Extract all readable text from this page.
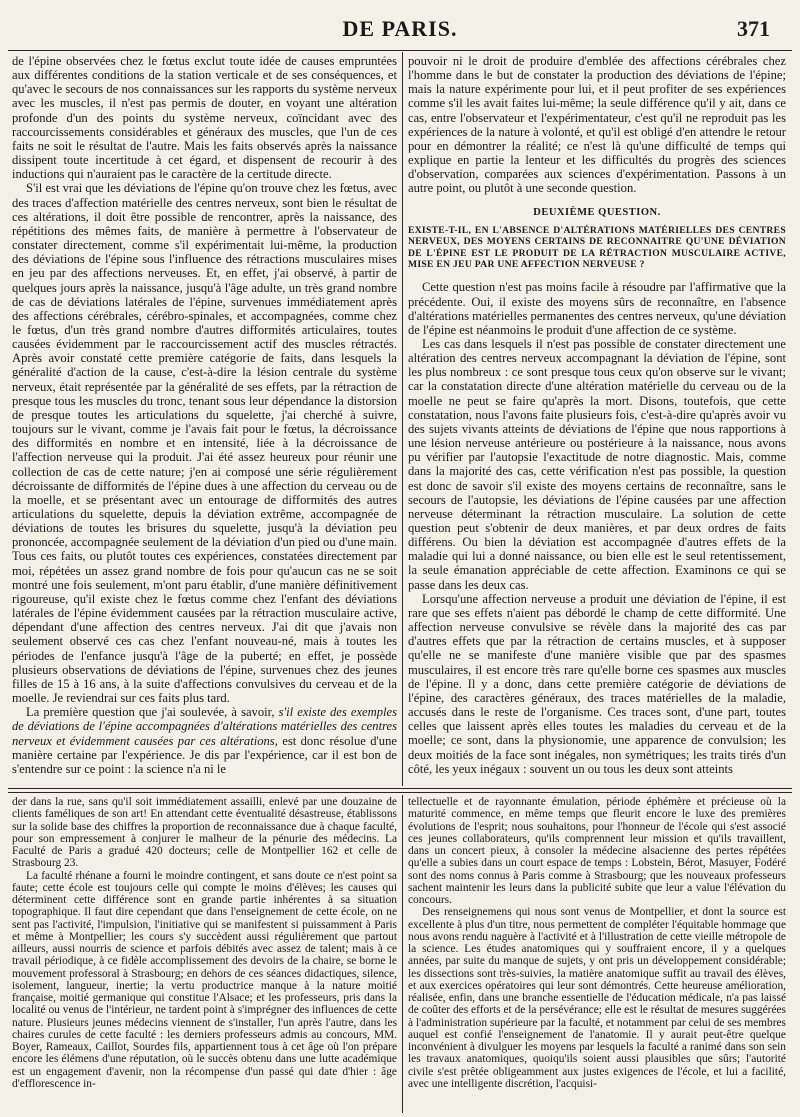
DE PARIS.	371

de l'épine observées chez le fœtus exclut toute idée de causes empruntées aux différentes conditions de la station verticale et de ses conséquences, et qu'avec le secours de nos connaissances sur les rapports du système nerveux avec les muscles, il n'est pas permis de douter, en voyant une altération profonde d'un des points du système nerveux, coïncidant avec des raccourcissements considérables et généraux des muscles, que l'un de ces faits ne soit le résultat de l'autre. Mais les faits observés après la naissance dissipent toute incertitude à cet égard, et dispensent de recourir à des inductions qui n'auraient pas le caractère de la certitude directe.

S'il est vrai que les déviations de l'épine qu'on trouve chez les fœtus, avec des traces d'affection matérielle des centres nerveux, sont bien le résultat de ces altérations, il doit être possible de rencontrer, après la naissance, des répétitions des mêmes faits, de manière à permettre à l'observateur de constater directement, comme s'il expérimentait lui-même, la production des déviations de l'épine sous l'influence des rétractions musculaires mises en jeu par des affections nerveuses. Et, en effet, j'ai observé, à partir de quelques jours après la naissance, jusqu'à l'âge adulte, un très grand nombre de cas de déviations latérales de l'épine, survenues immédiatement après des affections cérébrales, cérébro-spinales, et accompagnées, comme chez le fœtus, d'un très grand nombre d'autres difformités articulaires, toutes causées évidemment par le raccourcissement actif des muscles rétractés. Après avoir constaté cette première catégorie de faits, dans lesquels la généralité d'action de la cause, c'est-à-dire la lésion centrale du système nerveux, était représentée par la généralité de ses effets, par la rétraction de presque tous les muscles du tronc, tenant sous leur dépendance la distorsion de presque toutes les articulations du squelette, j'ai cherché à suivre, toujours sur le vivant, comme je l'avais fait pour le fœtus, la décroissance des difformités en nombre et en intensité, liée à la décroissance de l'affection nerveuse qui la produit. J'ai été assez heureux pour réunir une collection de cas de cette nature; j'en ai composé une série régulièrement décroissante de difformités de l'épine dues à une affection du cerveau ou de la moelle, et se présentant avec un entourage de difformités des autres articulations du squelette, depuis la déviation extrême, accompagnée de déviations de toutes les brisures du squelette, jusqu'à la déviation peu prononcée, accompagnée seulement de la déviation d'un pied ou d'une main. Tous ces faits, ou plutôt toutes ces expériences, constatées directement par moi, répétées un assez grand nombre de fois pour qu'aucun cas ne se soit montré une fois seulement, m'ont paru établir, d'une manière définitivement rigoureuse, qu'il existe chez le fœtus comme chez l'enfant des déviations latérales de l'épine évidemment causées par la rétraction musculaire active, dépendant d'une affection des centres nerveux. J'ai dit que j'avais non seulement observé ces cas chez l'enfant nouveau-né, mais à toutes les périodes de l'enfance jusqu'à l'âge de la puberté; en effet, je possède plusieurs observations de déviations de l'épine, survenues chez des jeunes filles de 15 à 16 ans, à la suite d'affections convulsives du cerveau et de la moelle. Je reviendrai sur ces faits plus tard.

La première question que j'ai soulevée, à savoir, s'il existe des exemples de déviations de l'épine accompagnées d'altérations matérielles des centres nerveux et évidemment causées par ces altérations, est donc résolue d'une manière certaine par l'expérience. Je dis par l'expérience, car il est bon de s'entendre sur ce point : la science n'a ni le

pouvoir ni le droit de produire d'emblée des affections cérébrales chez l'homme dans le but de constater la production des déviations de l'épine; mais la nature expérimente pour lui, et il peut profiter de ses expériences comme s'il les avait faites lui-même; la seule différence qu'il y ait, dans ce cas, entre l'observateur et l'expérimentateur, c'est qu'il ne reproduit pas les expériences de la nature à volonté, et qu'il est obligé d'en attendre le retour pour en démontrer la réalité; ce n'est là qu'une difficulté de temps qui explique en partie la lenteur et les difficultés du progrès des sciences d'observation, comparées aux sciences d'expérimentation. Passons à un autre point, ou plutôt à une seconde question.

DEUXIÈME QUESTION.
EXISTE-T-IL, EN L'ABSENCE D'ALTÉRATIONS MATÉRIELLES DES CENTRES NERVEUX, DES MOYENS CERTAINS DE RECONNAITRE QU'UNE DÉVIATION DE L'ÉPINE EST LE PRODUIT DE LA RÉTRACTION MUSCULAIRE ACTIVE, MISE EN JEU PAR UNE AFFECTION NERVEUSE ?

Cette question n'est pas moins facile à résoudre par l'affirmative que la précédente. Oui, il existe des moyens sûrs de reconnaître, en l'absence d'altérations matérielles permanentes des centres nerveux, qu'une déviation de l'épine est néanmoins le produit d'une affection de ce système.

Les cas dans lesquels il n'est pas possible de constater directement une altération des centres nerveux accompagnant la déviation de l'épine, sont les plus nombreux : ce sont presque tous ceux qu'on observe sur le vivant; car la constatation directe d'une altération matérielle du cerveau ou de la moelle ne peut se faire qu'après la mort. Disons, toutefois, que cette constatation, nous l'avons faite plusieurs fois, c'est-à-dire qu'après avoir vu des sujets vivants atteints de déviations de l'épine que nous rapportions à une lésion nerveuse antérieure ou postérieure à la naissance, nous avons pu vérifier par l'autopsie l'exactitude de notre diagnostic. Mais, comme dans la majorité des cas, cette vérification n'est pas possible, la question est donc de savoir s'il existe des moyens certains de reconnaître, sans le secours de l'autopsie, les déviations de l'épine causées par une affection nerveuse déterminant la rétraction musculaire. La solution de cette question peut s'obtenir de deux manières, et par deux ordres de faits différens. Ou bien la déviation est accompagnée d'autres effets de la maladie qui lui a donné naissance, ou bien elle est le seul retentissement, la seule émanation appréciable de cette affection. Examinons ce qui se passe dans les deux cas.

Lorsqu'une affection nerveuse a produit une déviation de l'épine, il est rare que ses effets n'aient pas débordé le champ de cette difformité. Une affection nerveuse convulsive se révèle dans la majorité des cas par d'autres effets que par la rétraction de certains muscles, et à supposer qu'elle ne se manifeste d'une manière visible que par des spasmes musculaires, il est encore très rare qu'elle borne ces spasmes aux muscles de l'épine. Il y a donc, dans cette première catégorie de déviations de l'épine, des caractères généraux, des traces matérielles de la maladie, accusés dans le reste de l'organisme. Ces traces sont, d'une part, toutes celles que laissent après elles toutes les maladies du cerveau et de la moelle; ce sont, dans la physionomie, une apparence de convulsion; les deux moitiés de la face sont inégales, non symétriques; les traits tirés d'un côté, les yeux inégaux : souvent un ou tous les deux sont atteints

der dans la rue, sans qu'il soit immédiatement assailli, enlevé par une douzaine de clients faméliques de son art! En attendant cette éventualité désastreuse, établissons sur la solide base des chiffres la proportion de reconnaissance due à chaque faculté, pour son empressement à conjurer le malheur de la pénurie des médecins. La Faculté de Paris a gradué 420 docteurs; celle de Montpellier 162 et celle de Strasbourg 23.

La faculté rhénane a fourni le moindre contingent, et sans doute ce n'est point sa faute; cette école est toujours celle qui compte le moins d'élèves; les causes qui déterminent cette différence sont en grande partie inhérentes à sa situation topographique. Il faut dire cependant que dans l'enseignement de cette école, on ne sent pas l'activité, l'impulsion, l'initiative qui se manifestent si puissamment à Paris et même à Montpellier; les cours s'y succèdent aussi régulièrement que partout ailleurs, aussi nourris de science et parfois débités avec assez de talent; mais à ce travail périodique, à ce fidèle accomplissement des devoirs de la chaire, se borne le mouvement professoral à Strasbourg; en dehors de ces séances didactiques, silence, isolement, langueur, inertie; la vertu productrice manque à la nature moitié française, moitié germanique qui constitue l'Alsace; et les professeurs, pris dans la localité ou venus de l'intérieur, ne tardent point à s'imprégner des influences de cette nature. Plusieurs jeunes médecins viennent de s'installer, l'un après l'autre, dans les chaires curules de cette faculté : les derniers professeurs admis au concours, MM. Boyer, Rameaux, Caillot, Sourdes fils, appartiennent tous à cet âge où l'on prépare encore les élémens d'une réputation, où le succès obtenu dans une lutte académique est un engagement d'avenir, non la récompense d'un passé qui date d'hier : âge d'efflorescence in-

tellectuelle et de rayonnante émulation, période éphémère et précieuse où la maturité commence, en même temps que fleurit encore le luxe des premières évolutions de l'esprit; nous souhaitons, pour l'honneur de l'école qui s'est associé ces jeunes collaborateurs, qu'ils comprennent leur mission et qu'ils travaillent, dans un concert pieux, à consoler la médecine alsacienne des pertes répétées qu'elle a subies dans un court espace de temps : Lobstein, Bérot, Masuyer, Fodéré sont des noms connus à Paris comme à Strasbourg; que les nouveaux professeurs sachent maintenir les leurs dans la publicité subite que leur a value l'élévation du concours.

Des renseignemens qui nous sont venus de Montpellier, et dont la source est excellente à plus d'un titre, nous permettent de compléter l'équitable hommage que nous avons rendu naguère à l'activité et à l'illustration de cette vieille métropole de la science. Les études anatomiques qui y souffraient encore, il y a quelques années, par suite du manque de sujets, y ont pris un développement considérable; les dissections sont très-suivies, la matière anatomique suffit au travail des élèves, et aux exercices opératoires qui leur sont démontrés. Cette heureuse amélioration, réalisée, enfin, dans une branche essentielle de l'éducation médicale, n'a pas laissé de coûter des efforts et de la persévérance; elle est le résultat de mesures suggérées à l'administration supérieure par la faculté, et notamment par celui de ses membres auquel est confié l'enseignement de l'anatomie. Il y aurait peut-être quelque inconvénient à divulguer les moyens par lesquels la faculté a ranimé dans son sein les travaux anatomiques, quoiqu'ils soient aussi plausibles que sûrs; l'autorité civile s'est prêtée obligeamment aux justes exigences de l'école, et lui a facilité, avec une intelligente discrétion, l'acquisi-
